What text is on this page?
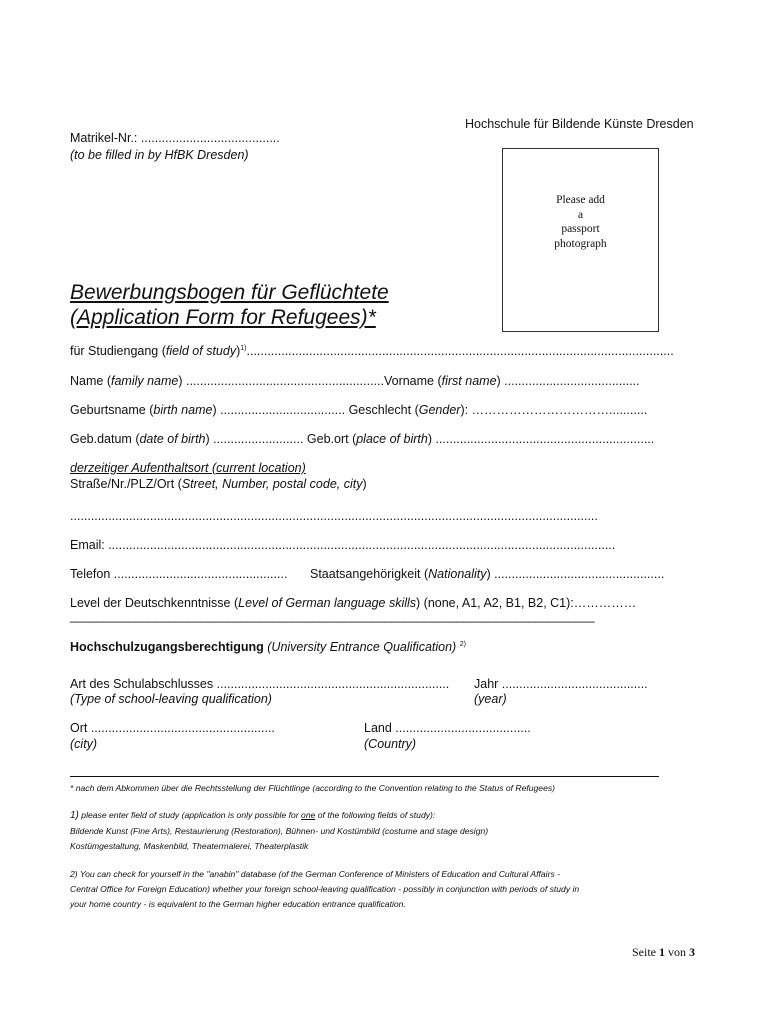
Hochschule für Bildende Künste Dresden
Matrikel-Nr.: ........................................
(to be filled in by HfBK Dresden)
Please add
a
passport
photograph
Bewerbungsbogen für Geflüchtete
(Application Form for Refugees)*
für Studiengang (field of study)$^{1)}$...........................................................................................................................
Name (family name) .........................................................Vorname (first name) .......................................
Geburtsname (birth name) .................................... Geschlecht (Gender): ……………………………...........
Geb.datum (date of birth) .......................... Geb.ort (place of birth) ...............................................................
derzeitiger Aufenthaltsort (current location)
Straße/Nr./PLZ/Ort (Street, Number, postal code, city)
........................................................................................................................................................
Email: ..................................................................................................................................................
Telefon .................................................. Staatsangehörigkeit (Nationality) .................................................
Level der Deutschkenntnisse (Level of German language skills) (none, A1, A2, B1, B2, C1):……………
________________________________________________________________________________
Hochschulzugangsberechtigung (University Entrance Qualification) $^{2)}$
Art des Schulabschlusses ...................................................................
(Type of school-leaving qualification)
Jahr ..........................................
(year)
Ort .....................................................
(city)
Land .......................................
(Country)
* nach dem Abkommen über die Rechtsstellung der Flüchtlinge (according to the Convention relating to the Status of Refugees)
1) please enter field of study (application is only possible for one of the following fields of study):
Bildende Kunst (Fine Arts), Restaurierung (Restoration), Bühnen- und Kostümbild (costume and stage design)
Kostümgestaltung, Maskenbild, Theatermalerei, Theaterplastik
2) You can check for yourself in the "anabin" database (of the German Conference of Ministers of Education and Cultural Affairs -
Central Office for Foreign Education) whether your foreign school-leaving qualification - possibly in conjunction with periods of study in
your home country - is equivalent to the German higher education entrance qualification.
Seite 1 von 3
